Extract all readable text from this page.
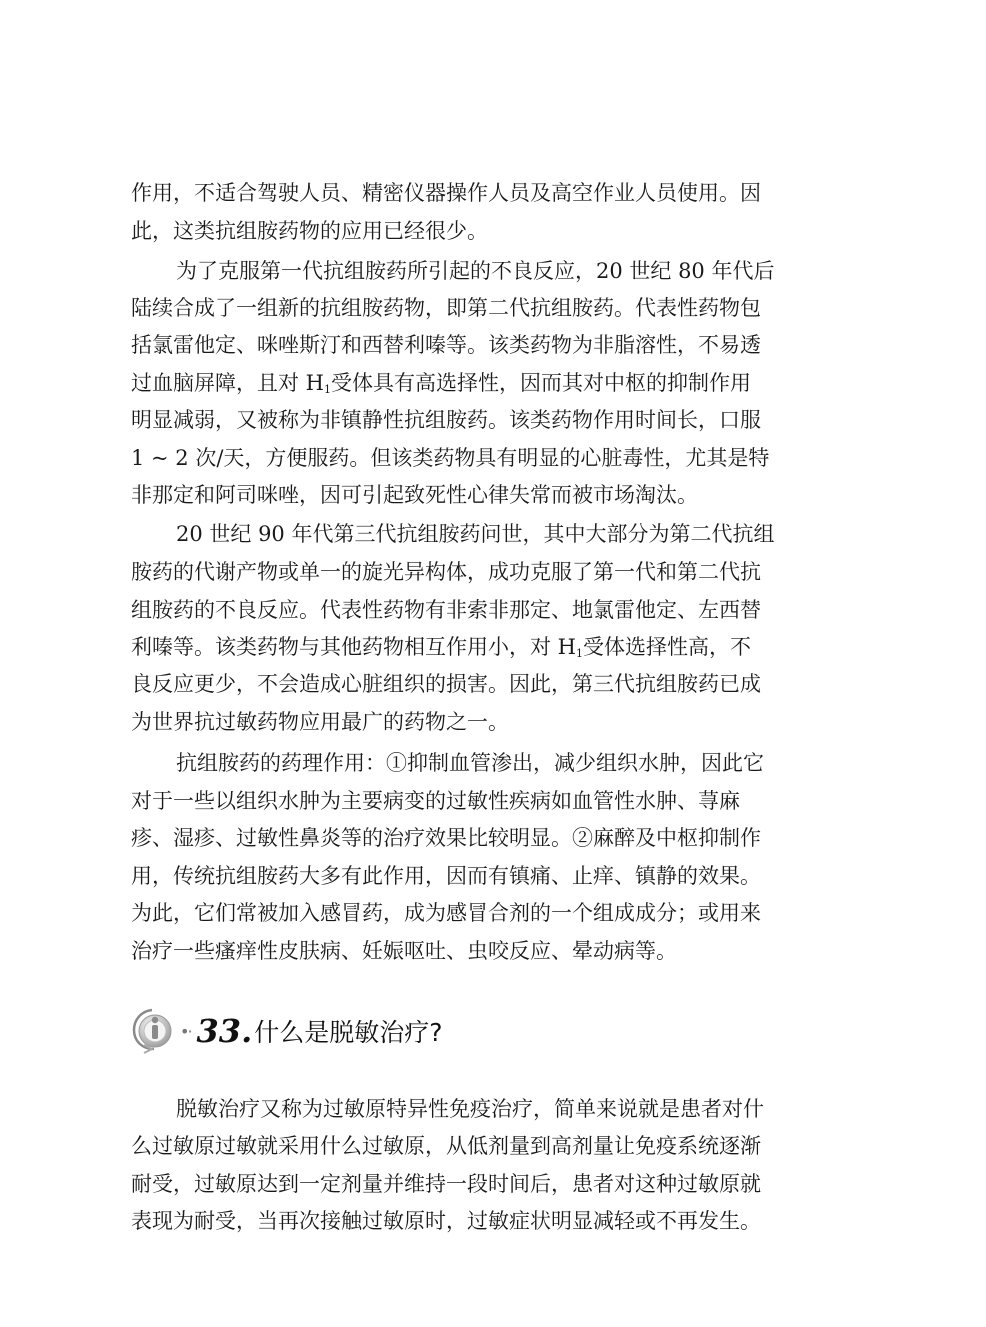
作用，不适合驾驶人员、精密仪器操作人员及高空作业人员使用。因
此，这类抗组胺药物的应用已经很少。
为了克服第一代抗组胺药所引起的不良反应，20 世纪 80 年代后
陆续合成了一组新的抗组胺药物，即第二代抗组胺药。代表性药物包
括氯雷他定、咪唑斯汀和西替利嗪等。该类药物为非脂溶性，不易透
过血脑屏障，且对 $H_1$受体具有高选择性，因而其对中枢的抑制作用
明显减弱，又被称为非镇静性抗组胺药。该类药物作用时间长，口服
1 ~ 2 次/天，方便服药。但该类药物具有明显的心脏毒性，尤其是特
非那定和阿司咪唑，因可引起致死性心律失常而被市场淘汰。
20 世纪 90 年代第三代抗组胺药问世，其中大部分为第二代抗组
胺药的代谢产物或单一的旋光异构体，成功克服了第一代和第二代抗
组胺药的不良反应。代表性药物有非索非那定、地氯雷他定、左西替
利嗪等。该类药物与其他药物相互作用小，对 $H_1$受体选择性高，不
良反应更少，不会造成心脏组织的损害。因此，第三代抗组胺药已成
为世界抗过敏药物应用最广的药物之一。
抗组胺药的药理作用：①抑制血管渗出，减少组织水肿，因此它
对于一些以组织水肿为主要病变的过敏性疾病如血管性水肿、荨麻
疹、湿疹、过敏性鼻炎等的治疗效果比较明显。②麻醉及中枢抑制作
用，传统抗组胺药大多有此作用，因而有镇痛、止痒、镇静的效果。
为此，它们常被加入感冒药，成为感冒合剂的一个组成成分；或用来
治疗一些瘙痒性皮肤病、妊娠呕吐、虫咬反应、晕动病等。
•· 33. 什么是脱敏治疗?
脱敏治疗又称为过敏原特异性免疫治疗，简单来说就是患者对什
么过敏原过敏就采用什么过敏原，从低剂量到高剂量让免疫系统逐渐
耐受，过敏原达到一定剂量并维持一段时间后，患者对这种过敏原就
表现为耐受，当再次接触过敏原时，过敏症状明显减轻或不再发生。
